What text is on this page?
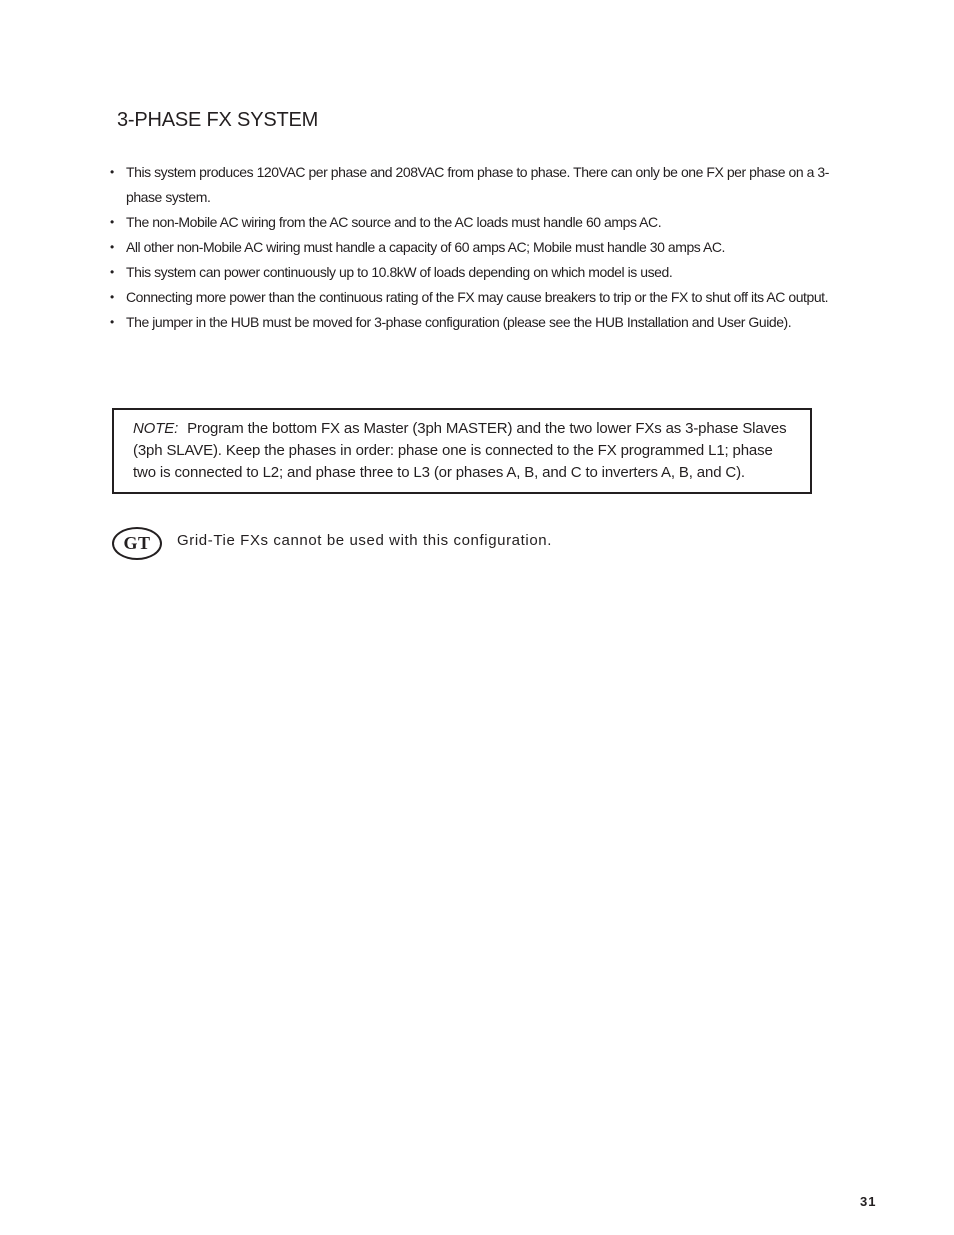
3-PHASE FX SYSTEM
• This system produces 120VAC per phase and 208VAC from phase to phase. There can only be one FX per phase on a 3-phase system.
• The non-Mobile AC wiring from the AC source and to the AC loads must handle 60 amps AC.
• All other non-Mobile AC wiring must handle a capacity of 60 amps AC; Mobile must handle 30 amps AC.
• This system can power continuously up to 10.8kW of loads depending on which model is used.
• Connecting more power than the continuous rating of the FX may cause breakers to trip or the FX to shut off its AC output.
• The jumper in the HUB must be moved for 3-phase configuration (please see the HUB Installation and User Guide).
NOTE: Program the bottom FX as Master (3ph MASTER) and the two lower FXs as 3-phase Slaves (3ph SLAVE). Keep the phases in order: phase one is connected to the FX programmed L1; phase two is connected to L2; and phase three to L3 (or phases A, B, and C to inverters A, B, and C).
GT	Grid-Tie FXs cannot be used with this configuration.
31
